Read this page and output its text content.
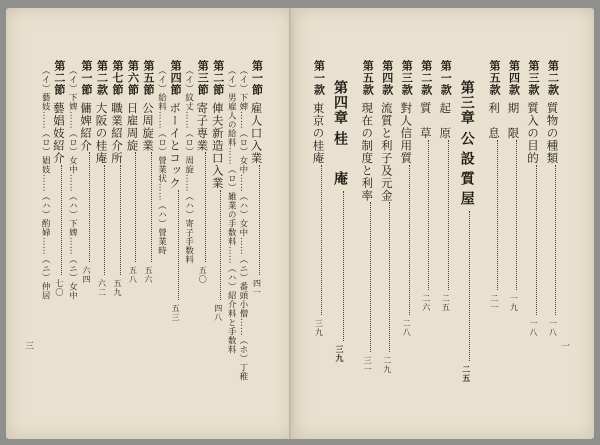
第一節雇人口入業四一
（イ）下婢……（ロ）女中……（ハ）女中……（ニ）番頭小僧……（ホ）丁稚
（イ）男雇人の給料……（ロ）雑業の手数料……（ハ）紹介料と手数料
第二節俥夫新造口入業四八
第三節寄子専業五〇
（イ）紋丈……（ロ）周旋……（ハ）寄子手数料
第四節ボーイとコック五三
（イ）給料……（ロ）營業状……（ハ）營業時
第五節公周旋業五六
第六節日雇周旋五八
第七節職業紹介所五九
第二款大阪の桂庵六二
第一節傭婢紹介六四
（イ）下婢……（ロ）女中……（ハ）下婢……（ニ）女中
第二節藝娼妓紹介七〇
（イ）藝妓……（ロ）娼妓……（ハ）酌婦……（ニ）仲居
三
第二款質物の種類一八
第三款質入の目的一八
第四款期　限一九
第五款利　息二一
第三章公設質屋二五
第一款起　原二五
第二款質　草二六
第三款對人信用質二八
第四款流質と利子及元金二九
第五款現在の制度と利率三一
第四章桂　庵三九
第一款東京の桂庵三九
一
